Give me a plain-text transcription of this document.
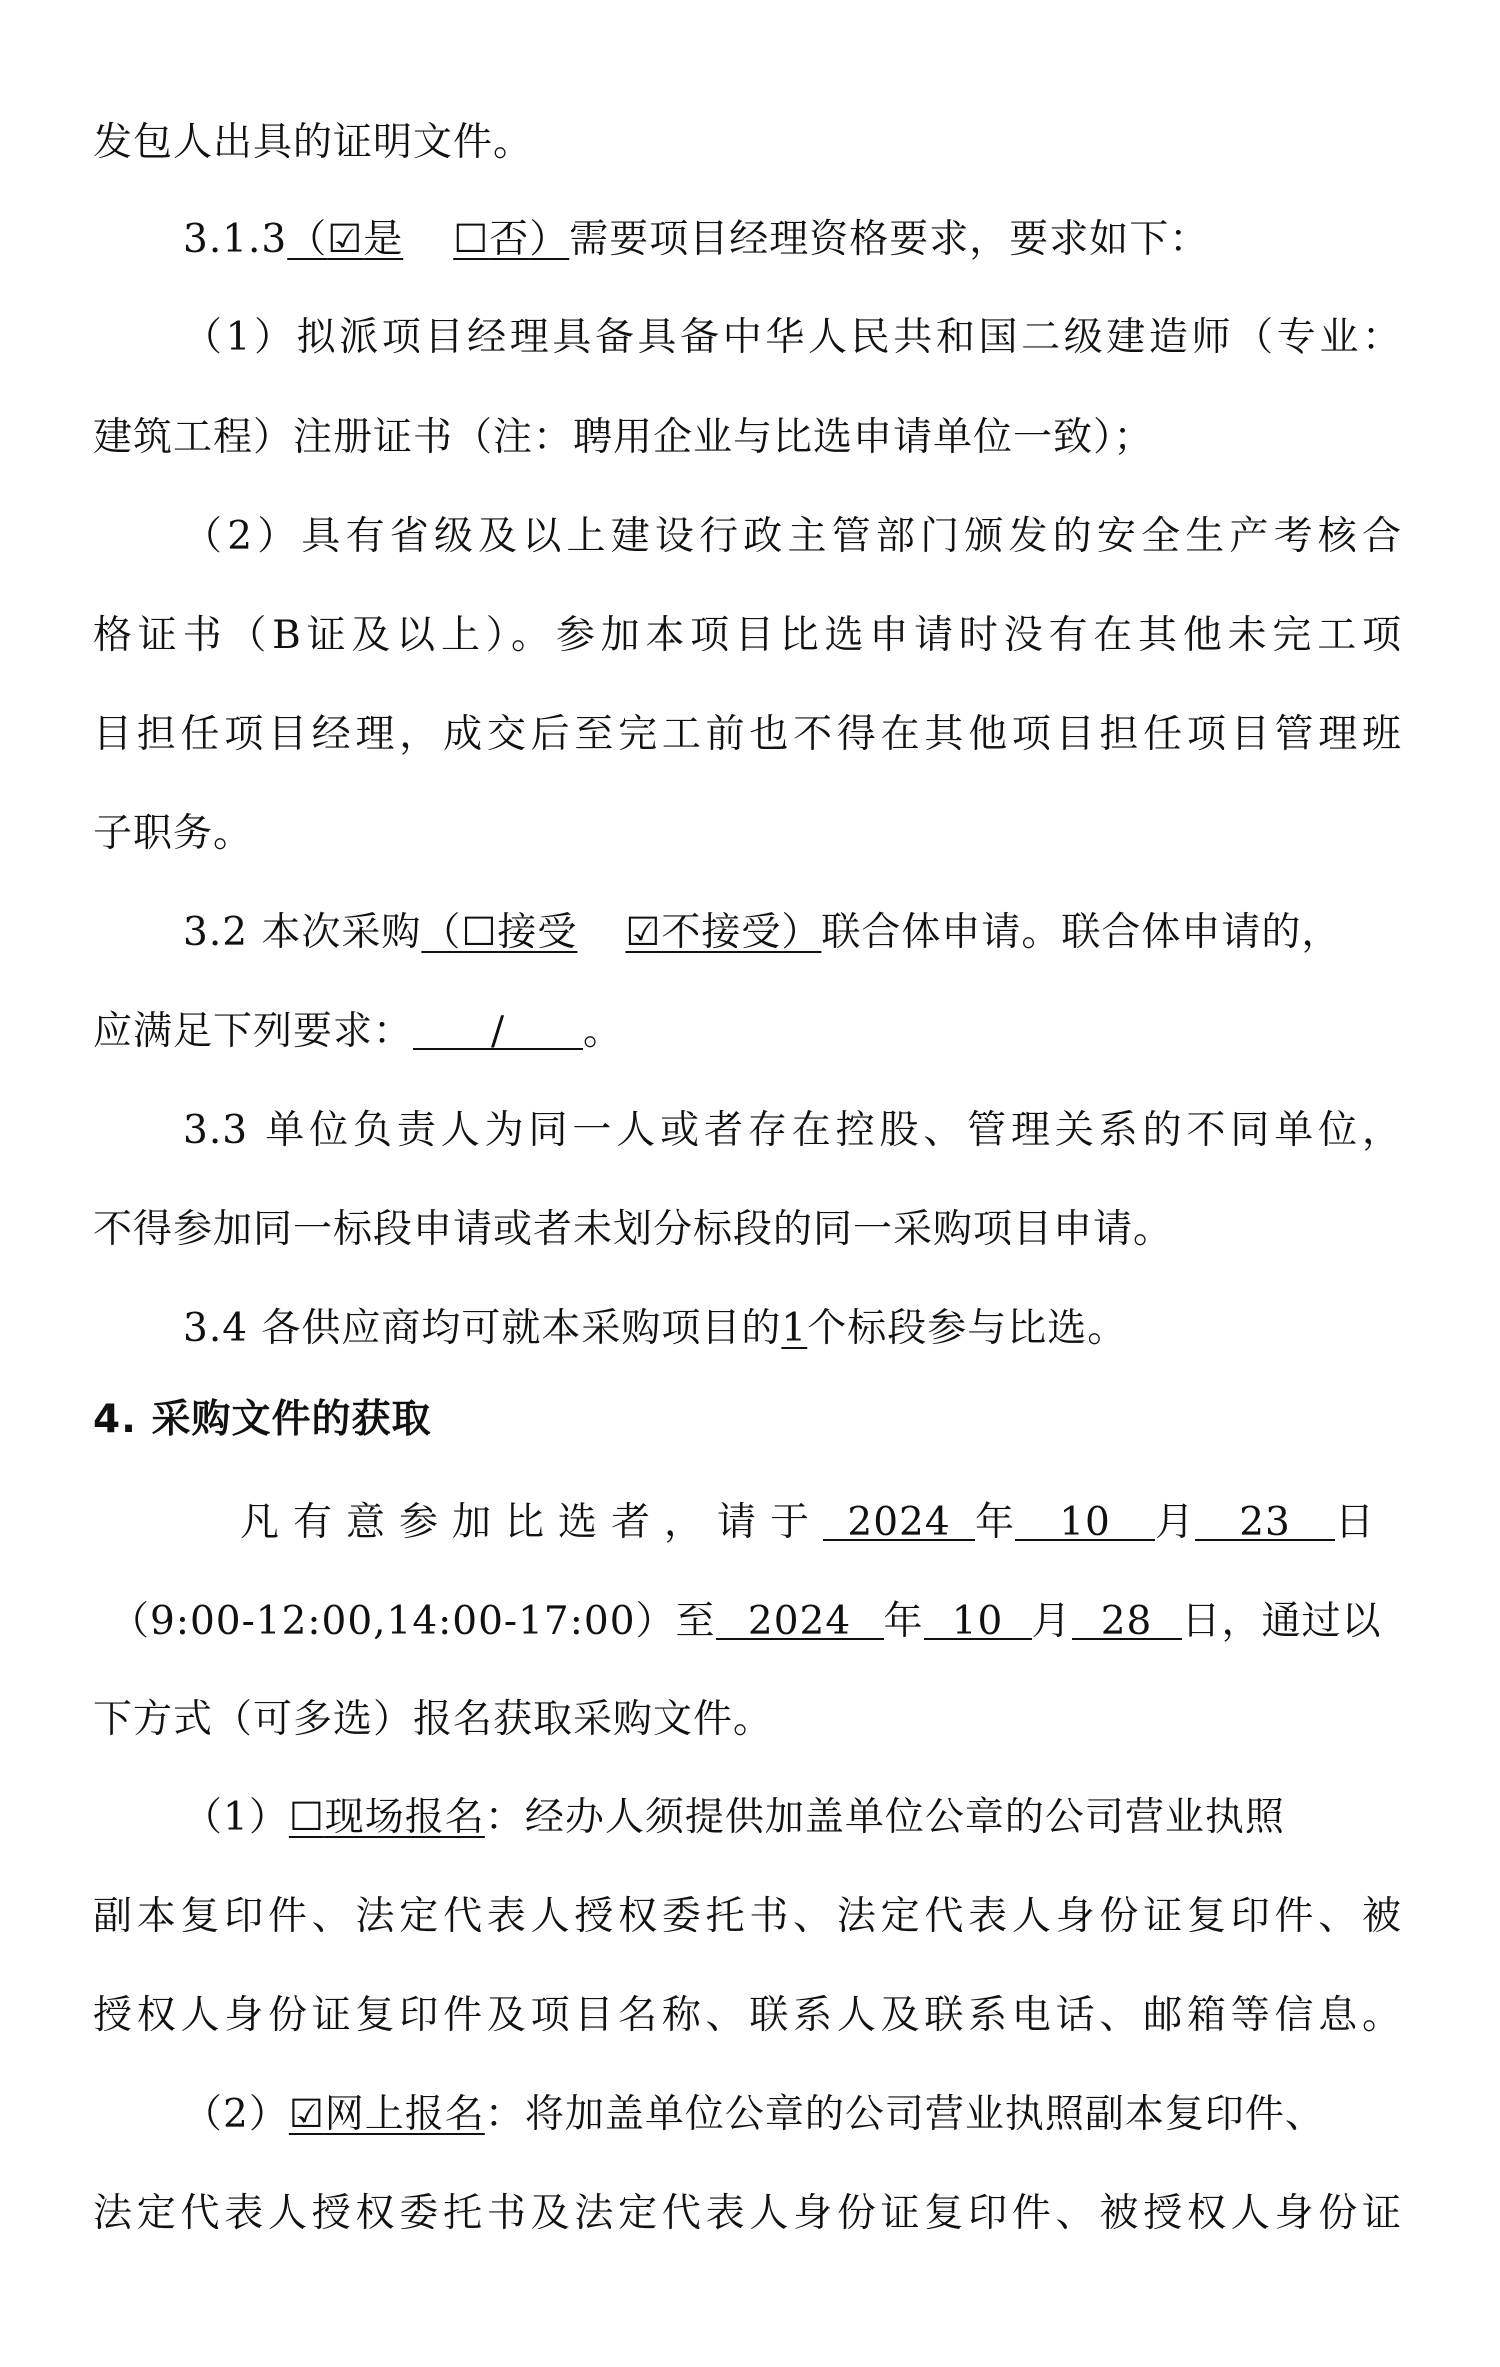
发包人出具的证明文件。
3.1.3（☑是 ☐否）需要项目经理资格要求，要求如下：
（1）拟派项目经理具备具备中华人民共和国二级建造师（专业：
建筑工程）注册证书（注：聘用企业与比选申请单位一致）；
（2）具有省级及以上建设行政主管部门颁发的安全生产考核合
格证书（B证及以上）。参加本项目比选申请时没有在其他未完工项
目担任项目经理，成交后至完工前也不得在其他项目担任项目管理班
子职务。
3.2 本次采购（☐接受 ☑不接受）联合体申请。联合体申请的，
应满足下列要求： / 。
3.3 单位负责人为同一人或者存在控股、管理关系的不同单位，
不得参加同一标段申请或者未划分标段的同一采购项目申请。
3.4 各供应商均可就本采购项目的1个标段参与比选。
4. 采购文件的获取
凡有意参加比选者，请于 2024 年 10 月 23 日
（9:00-12:00,14:00-17:00）至 2024 年 10 月 28 日，通过以
下方式（可多选）报名获取采购文件。
（1）☐现场报名：经办人须提供加盖单位公章的公司营业执照
副本复印件、法定代表人授权委托书、法定代表人身份证复印件、被
授权人身份证复印件及项目名称、联系人及联系电话、邮箱等信息。
（2）☑网上报名：将加盖单位公章的公司营业执照副本复印件、
法定代表人授权委托书及法定代表人身份证复印件、被授权人身份证
